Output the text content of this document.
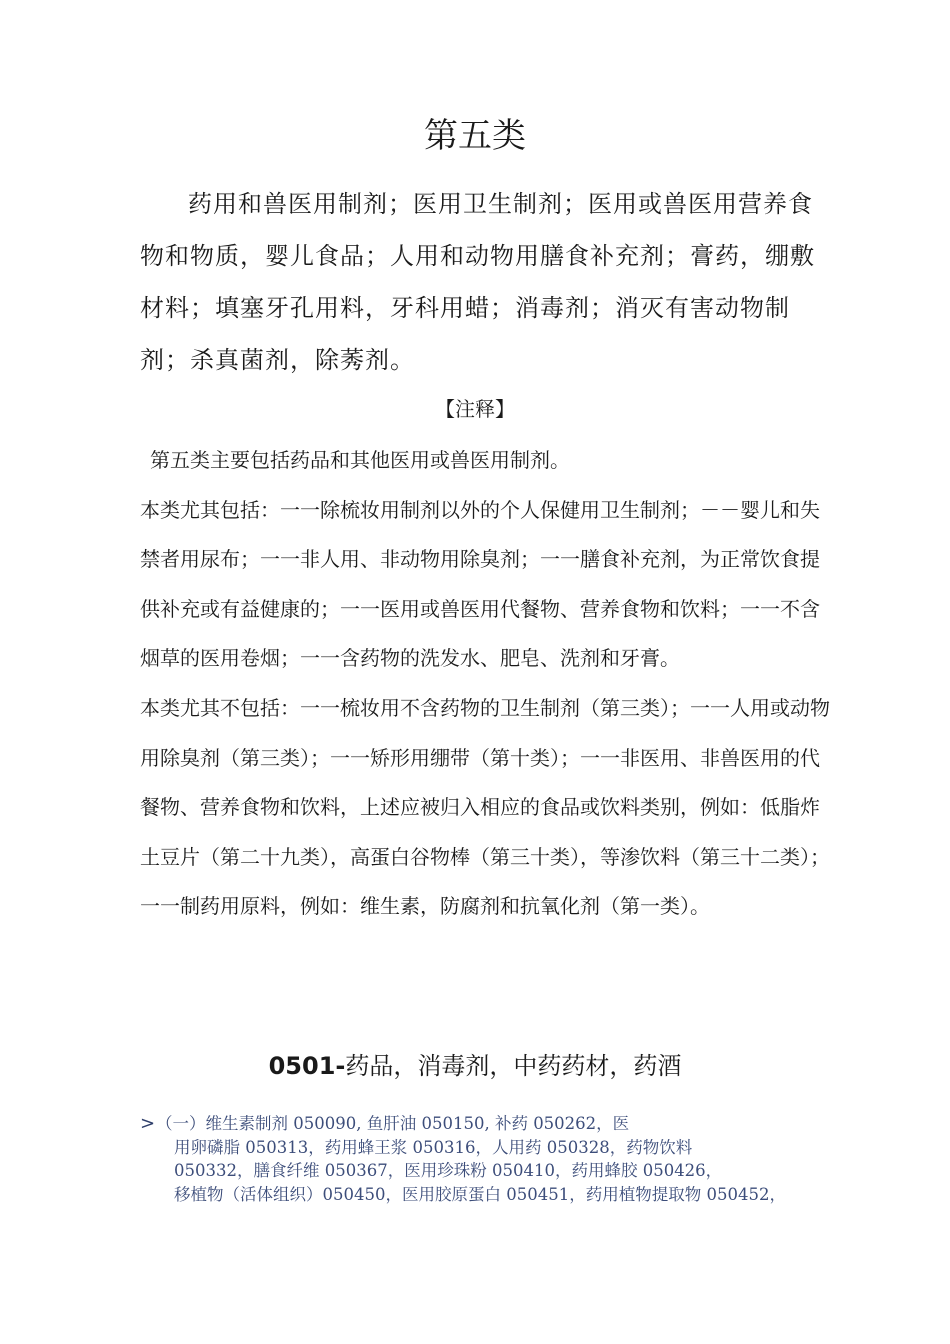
第五类

药用和兽医用制剂；医用卫生制剂；医用或兽医用营养食物和物质，婴儿食品；人用和动物用膳食补充剂；膏药，绷敷材料；填塞牙孔用料，牙科用蜡；消毒剂；消灭有害动物制剂；杀真菌剂，除莠剂。

【注释】

第五类主要包括药品和其他医用或兽医用制剂。

本类尤其包括：一一除梳妆用制剂以外的个人保健用卫生制剂；－－婴儿和失禁者用尿布；一一非人用、非动物用除臭剂；一一膳食补充剂，为正常饮食提供补充或有益健康的；一一医用或兽医用代餐物、营养食物和饮料；一一不含烟草的医用卷烟；一一含药物的洗发水、肥皂、洗剂和牙膏。

本类尤其不包括：一一梳妆用不含药物的卫生制剂（第三类）；一一人用或动物用除臭剂（第三类）；一一矫形用绷带（第十类）；一一非医用、非兽医用的代餐物、营养食物和饮料，上述应被归入相应的食品或饮料类别，例如：低脂炸土豆片（第二十九类），高蛋白谷物棒（第三十类），等渗饮料（第三十二类）；一一制药用原料，例如：维生素，防腐剂和抗氧化剂（第一类）。

0501-药品，消毒剂，中药药材，药酒
> （一）维生素制剂 050090, 鱼肝油 050150, 补药 050262，医

用卵磷脂 050313，药用蜂王浆 050316，人用药 050328，药物饮料

050332，膳食纤维 050367，医用珍珠粉 050410，药用蜂胶 050426，

移植物（活体组织）050450，医用胶原蛋白 050451，药用植物提取物 050452，
